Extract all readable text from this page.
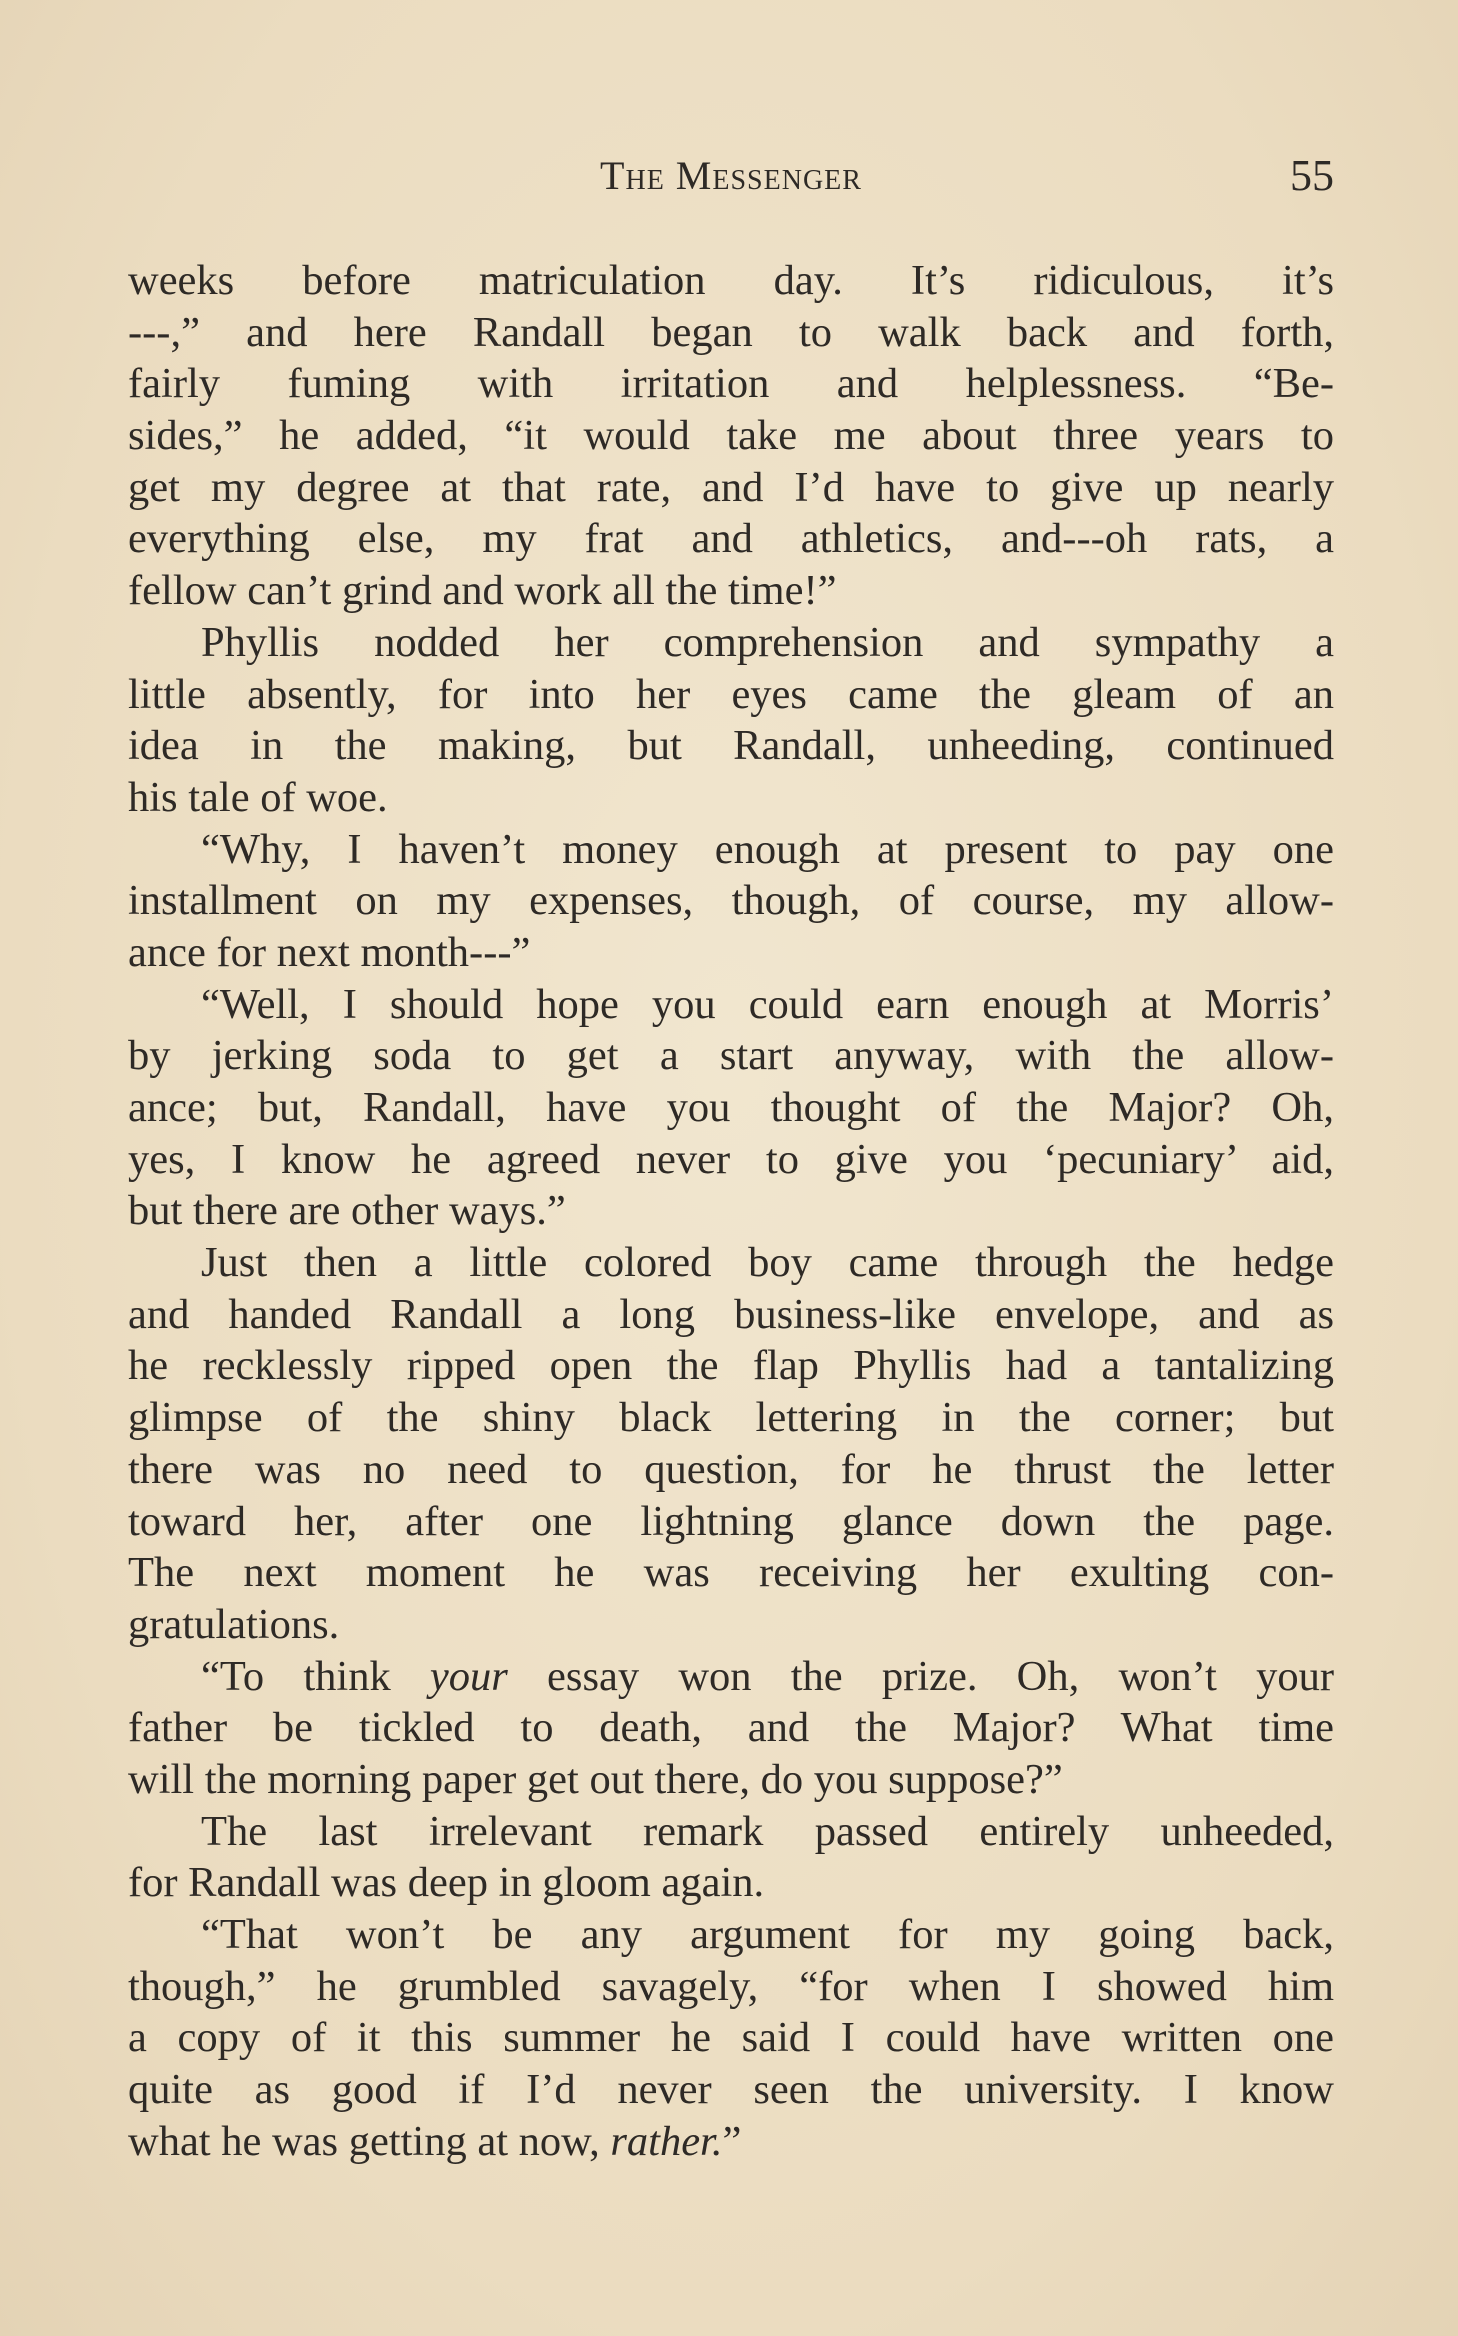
The Messenger	55
weeks before matriculation day. It’s ridiculous, it’s
---,” and here Randall began to walk back and forth,
fairly fuming with irritation and helplessness. “Be-
sides,” he added, “it would take me about three years to
get my degree at that rate, and I’d have to give up nearly
everything else, my frat and athletics, and---oh rats, a
fellow can’t grind and work all the time!”
Phyllis nodded her comprehension and sympathy a
little absently, for into her eyes came the gleam of an
idea in the making, but Randall, unheeding, continued
his tale of woe.
“Why, I haven’t money enough at present to pay one
installment on my expenses, though, of course, my allow-
ance for next month---”
“Well, I should hope you could earn enough at Morris’
by jerking soda to get a start anyway, with the allow-
ance; but, Randall, have you thought of the Major? Oh,
yes, I know he agreed never to give you ‘pecuniary’ aid,
but there are other ways.”
Just then a little colored boy came through the hedge
and handed Randall a long business-like envelope, and as
he recklessly ripped open the flap Phyllis had a tantalizing
glimpse of the shiny black lettering in the corner; but
there was no need to question, for he thrust the letter
toward her, after one lightning glance down the page.
The next moment he was receiving her exulting con-
gratulations.
“To think your essay won the prize. Oh, won’t your
father be tickled to death, and the Major? What time
will the morning paper get out there, do you suppose?”
The last irrelevant remark passed entirely unheeded,
for Randall was deep in gloom again.
“That won’t be any argument for my going back,
though,” he grumbled savagely, “for when I showed him
a copy of it this summer he said I could have written one
quite as good if I’d never seen the university. I know
what he was getting at now, rather.”
